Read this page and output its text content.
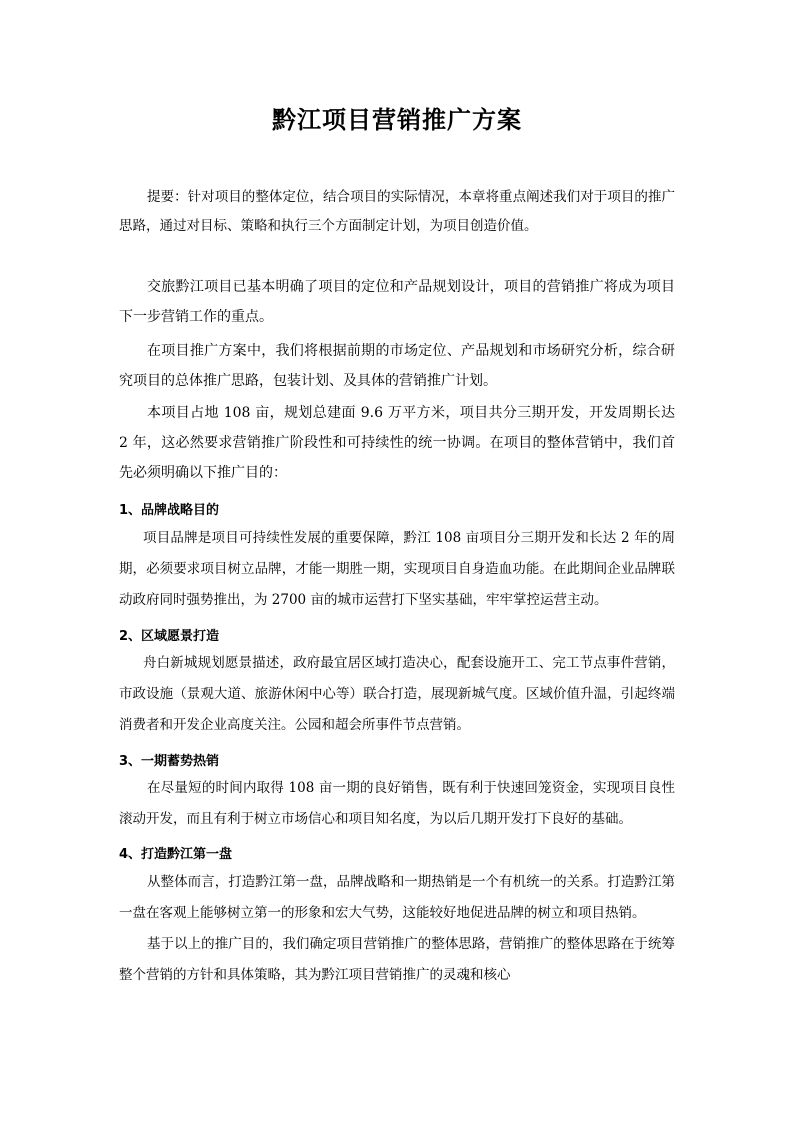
黔江项目营销推广方案
提要：针对项目的整体定位，结合项目的实际情况，本章将重点阐述我们对于项目的推广思路，通过对目标、策略和执行三个方面制定计划，为项目创造价值。
交旅黔江项目已基本明确了项目的定位和产品规划设计，项目的营销推广将成为项目下一步营销工作的重点。
在项目推广方案中，我们将根据前期的市场定位、产品规划和市场研究分析，综合研究项目的总体推广思路，包装计划、及具体的营销推广计划。
本项目占地 108 亩，规划总建面 9.6 万平方米，项目共分三期开发，开发周期长达 2 年，这必然要求营销推广阶段性和可持续性的统一协调。在项目的整体营销中，我们首先必须明确以下推广目的：
1、品牌战略目的
项目品牌是项目可持续性发展的重要保障，黔江 108 亩项目分三期开发和长达 2 年的周期，必须要求项目树立品牌，才能一期胜一期，实现项目自身造血功能。在此期间企业品牌联动政府同时强势推出，为 2700 亩的城市运营打下坚实基础，牢牢掌控运营主动。
2、区域愿景打造
舟白新城规划愿景描述，政府最宜居区域打造决心，配套设施开工、完工节点事件营销，市政设施（景观大道、旅游休闲中心等）联合打造，展现新城气度。区域价值升温，引起终端消费者和开发企业高度关注。公园和超会所事件节点营销。
3、一期蓄势热销
在尽量短的时间内取得 108 亩一期的良好销售，既有利于快速回笼资金，实现项目良性滚动开发，而且有利于树立市场信心和项目知名度，为以后几期开发打下良好的基础。
4、打造黔江第一盘
从整体而言，打造黔江第一盘，品牌战略和一期热销是一个有机统一的关系。打造黔江第一盘在客观上能够树立第一的形象和宏大气势，这能较好地促进品牌的树立和项目热销。
基于以上的推广目的，我们确定项目营销推广的整体思路，营销推广的整体思路在于统筹整个营销的方针和具体策略，其为黔江项目营销推广的灵魂和核心
